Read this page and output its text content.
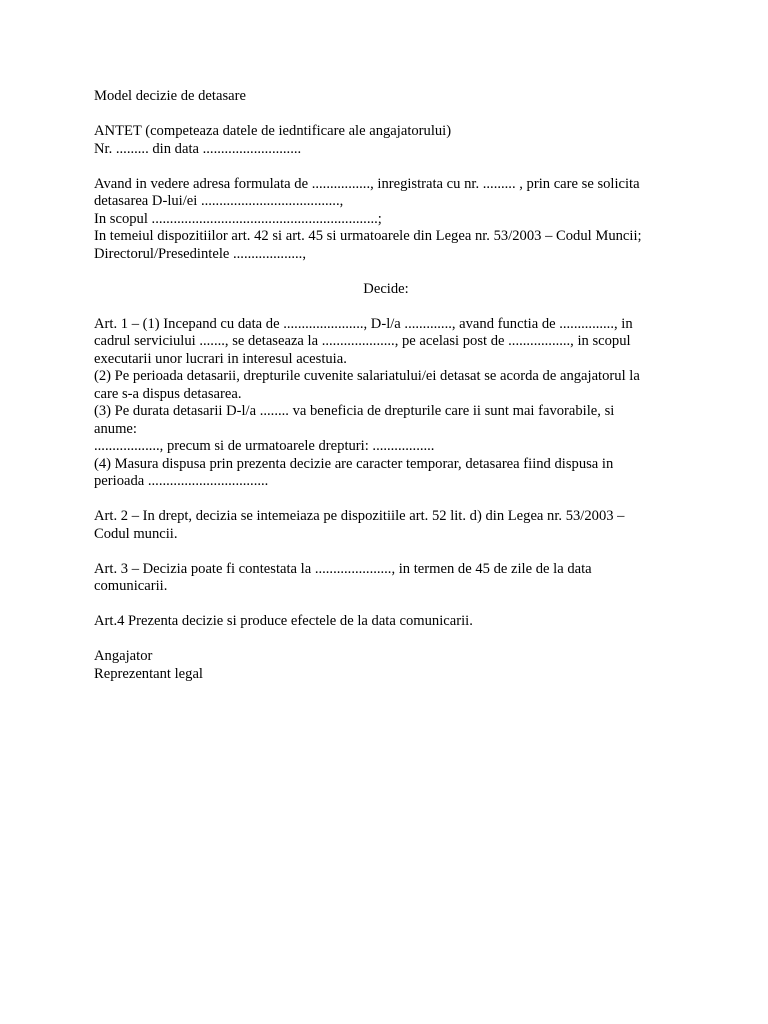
Model decizie de detasare
ANTET (competeaza datele de iedntificare ale angajatorului)
Nr. ......... din data ...........................
Avand in vedere adresa formulata de ................, inregistrata cu nr. ......... , prin care se solicita
detasarea D-lui/ei ......................................,
In scopul ..............................................................;
In temeiul dispozitiilor art. 42 si art. 45 si urmatoarele din Legea nr. 53/2003 – Codul Muncii;
Directorul/Presedintele ...................,
Decide:
Art. 1 – (1) Incepand cu data de ......................, D-l/a ............., avand functia de ..............., in
cadrul serviciului ......., se detaseaza la ...................., pe acelasi post de ................., in scopul
executarii unor lucrari in interesul acestuia.
(2) Pe perioada detasarii, drepturile cuvenite salariatului/ei detasat se acorda de angajatorul la
care s-a dispus detasarea.
(3) Pe durata detasarii D-l/a ........ va beneficia de drepturile care ii sunt mai favorabile, si
anume:
.................., precum si de urmatoarele drepturi: .................
(4) Masura dispusa prin prezenta decizie are caracter temporar, detasarea fiind dispusa in
perioada .................................
Art. 2 – In drept, decizia se intemeiaza pe dispozitiile art. 52 lit. d) din Legea nr. 53/2003 –
Codul muncii.
Art. 3 – Decizia poate fi contestata la ....................., in termen de 45 de zile de la data
comunicarii.
Art.4 Prezenta decizie si produce efectele de la data comunicarii.
Angajator
Reprezentant legal
